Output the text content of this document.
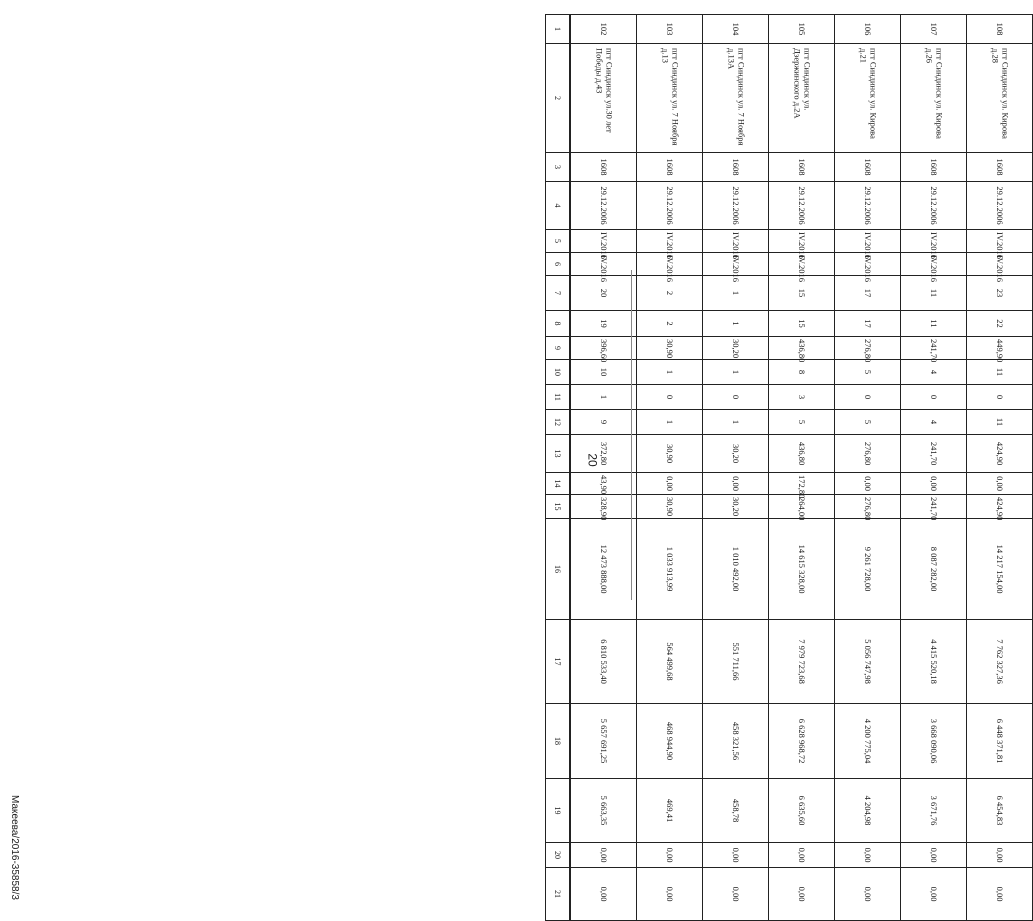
1	2	3	4	5	6	7	8	9	10	11	12	13	14	15	16	17	18	19	20	21
102	пгт Синдинск ул.30 лет Победы д.43	1608	29.12.2006	IV.2016	IV.2016	20	19	396,60	10	1	9	372,80	43,90	328,90	12 473 888,00	6 810 533,40	5 657 691,25	5 663,35	0,00	0,00
103	пгт Синдинск ул. 7 Ноября д.13	1608	29.12.2006	IV.2016	IV.2016	2	2	30,90	1	0	1	30,90	0,00	30,90	1 033 913,99	564 499,68	468 944,90	469,41	0,00	0,00
104	пгт Синдинск ул. 7 Ноября д.13А	1608	29.12.2006	IV.2016	IV.2016	1	1	30,20	1	0	1	30,20	0,00	30,20	1 010 492,00	551 711,66	458 321,56	458,78	0,00	0,00
105	пгт Синдинск ул. Дзержинского д.2А	1608	29.12.2006	IV.2016	IV.2016	15	15	436,80	8	3	5	436,80	172,80	264,00	14 615 328,00	7 979 723,68	6 628 968,72	6 635,60	0,00	0,00
106	пгт Синдинск ул. Кирова д.21	1608	29.12.2006	IV.2016	IV.2016	17	17	276,80	5	0	5	276,80	0,00	276,80	9 261 728,00	5 056 747,98	4 200 775,04	4 204,98	0,00	0,00
107	пгт Синдинск ул. Кирова д.26	1608	29.12.2006	IV.2016	IV.2016	11	11	241,70	4	0	4	241,70	0,00	241,70	8 087 282,00	4 415 520,18	3 668 090,06	3 671,76	0,00	0,00
108	пгт Синдинск ул. Кирова д.28	1608	29.12.2006	IV.2016	IV.2016	23	22	449,90	11	0	11	424,90	0,00	424,90	14 217 154,00	7 762 327,36	6 448 371,81	6 454,83	0,00	0,00
20
Макеева/2016-35858/3
